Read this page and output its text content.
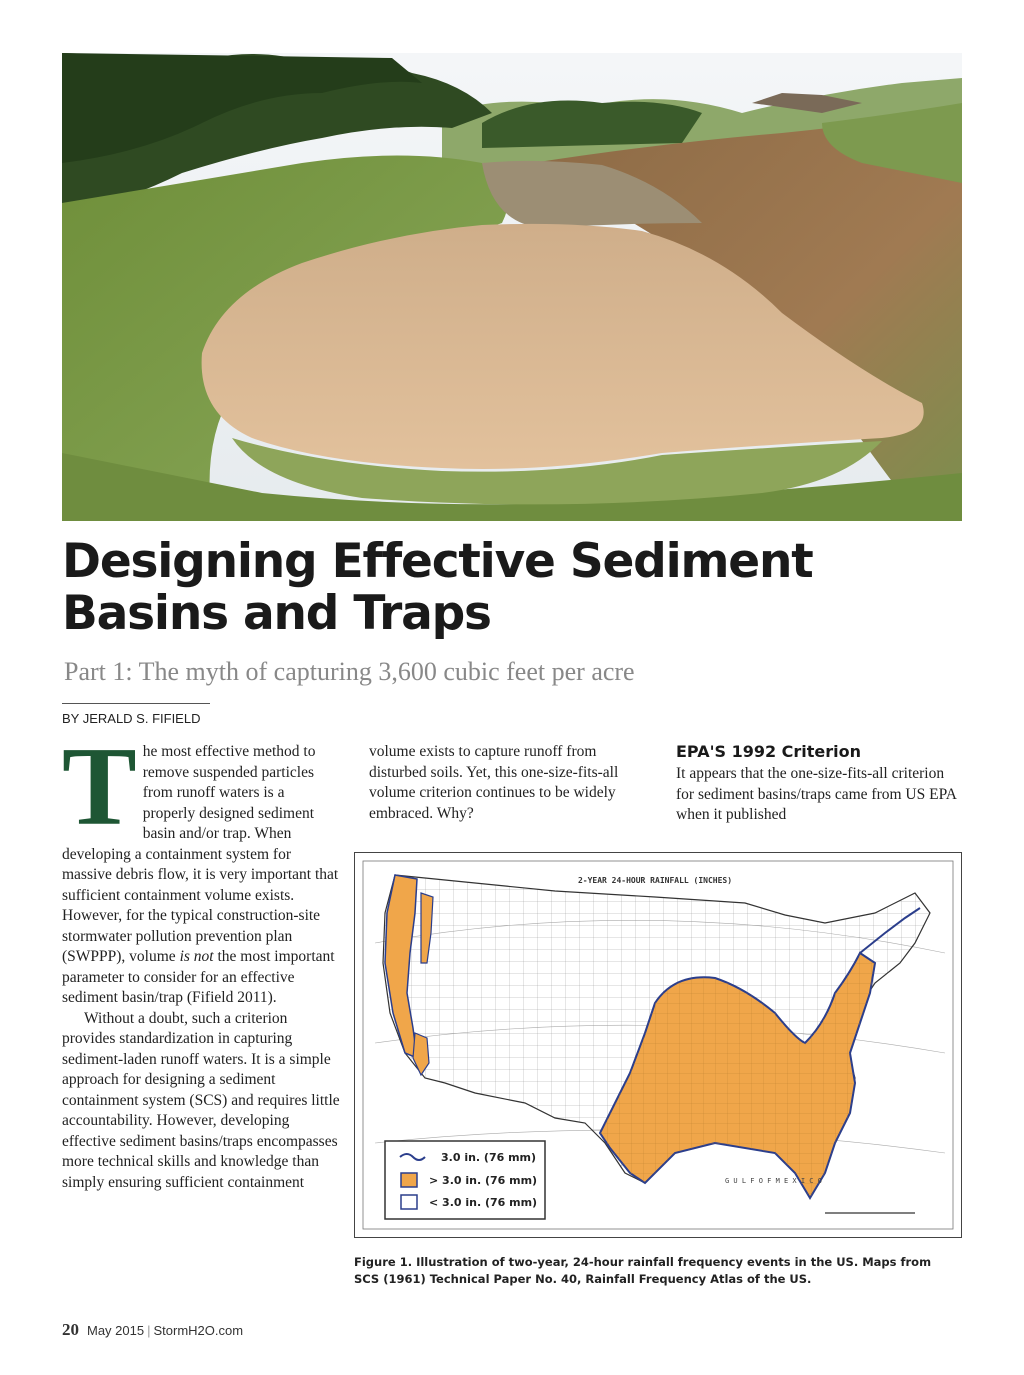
Designing Effective Sediment
Basins and Traps
Part 1: The myth of capturing 3,600 cubic feet per acre
BY JERALD S. FIFIELD

The most effective method to remove suspended particles from runoff waters is a properly designed sediment basin and/or trap. When developing a containment system for massive debris flow, it is very important that sufficient containment volume exists. However, for the typical construction-site stormwater pollution prevention plan (SWPPP), volume is not the most important parameter to consider for an effective sediment basin/trap (Fifield 2011).

Without a doubt, such a criterion provides standardization in capturing sediment-laden runoff waters. It is a simple approach for designing a sediment containment system (SCS) and requires little accountability. However, developing effective sediment basins/traps encompasses more technical skills and knowledge than simply ensuring sufficient containment

volume exists to capture runoff from disturbed soils. Yet, this one-size-fits-all volume criterion continues to be widely embraced. Why?

EPA'S 1992 Criterion

It appears that the one-size-fits-all criterion for sediment basins/traps came from US EPA when it published

2-YEAR 24-HOUR RAINFALL (INCHES)
G U L F O F M E X I C O
3.0 in. (76 mm)
> 3.0 in. (76 mm)
< 3.0 in. (76 mm)
Figure 1. Illustration of two-year, 24-hour rainfall frequency events in the US. Maps from SCS (1961) Technical Paper No. 40, Rainfall Frequency Atlas of the US.
20 May 2015 | StormH2O.com
